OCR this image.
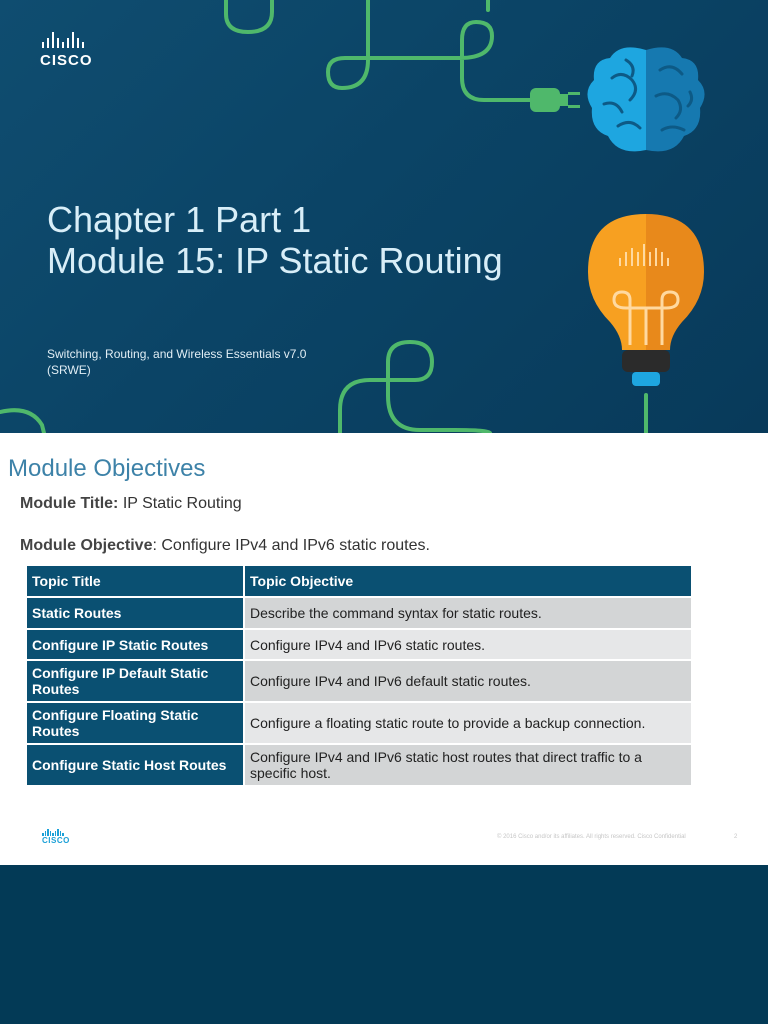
CISCO
Chapter 1 Part 1
Module 15: IP Static Routing
Switching, Routing, and Wireless Essentials v7.0
(SRWE)
Module Objectives
Module Title: IP Static Routing
Module Objective: Configure IPv4 and IPv6 static routes.
Topic Title	Topic Objective
Static Routes	Describe the command syntax for static routes.
Configure IP Static Routes	Configure IPv4 and IPv6 static routes.
Configure IP Default Static Routes	Configure IPv4 and IPv6 default static routes.
Configure Floating Static Routes	Configure a floating static route to provide a backup connection.
Configure Static Host Routes	Configure IPv4 and IPv6 static host routes that direct traffic to a specific host.
CISCO	© 2016 Cisco and/or its affiliates. All rights reserved. Cisco Confidential	2
